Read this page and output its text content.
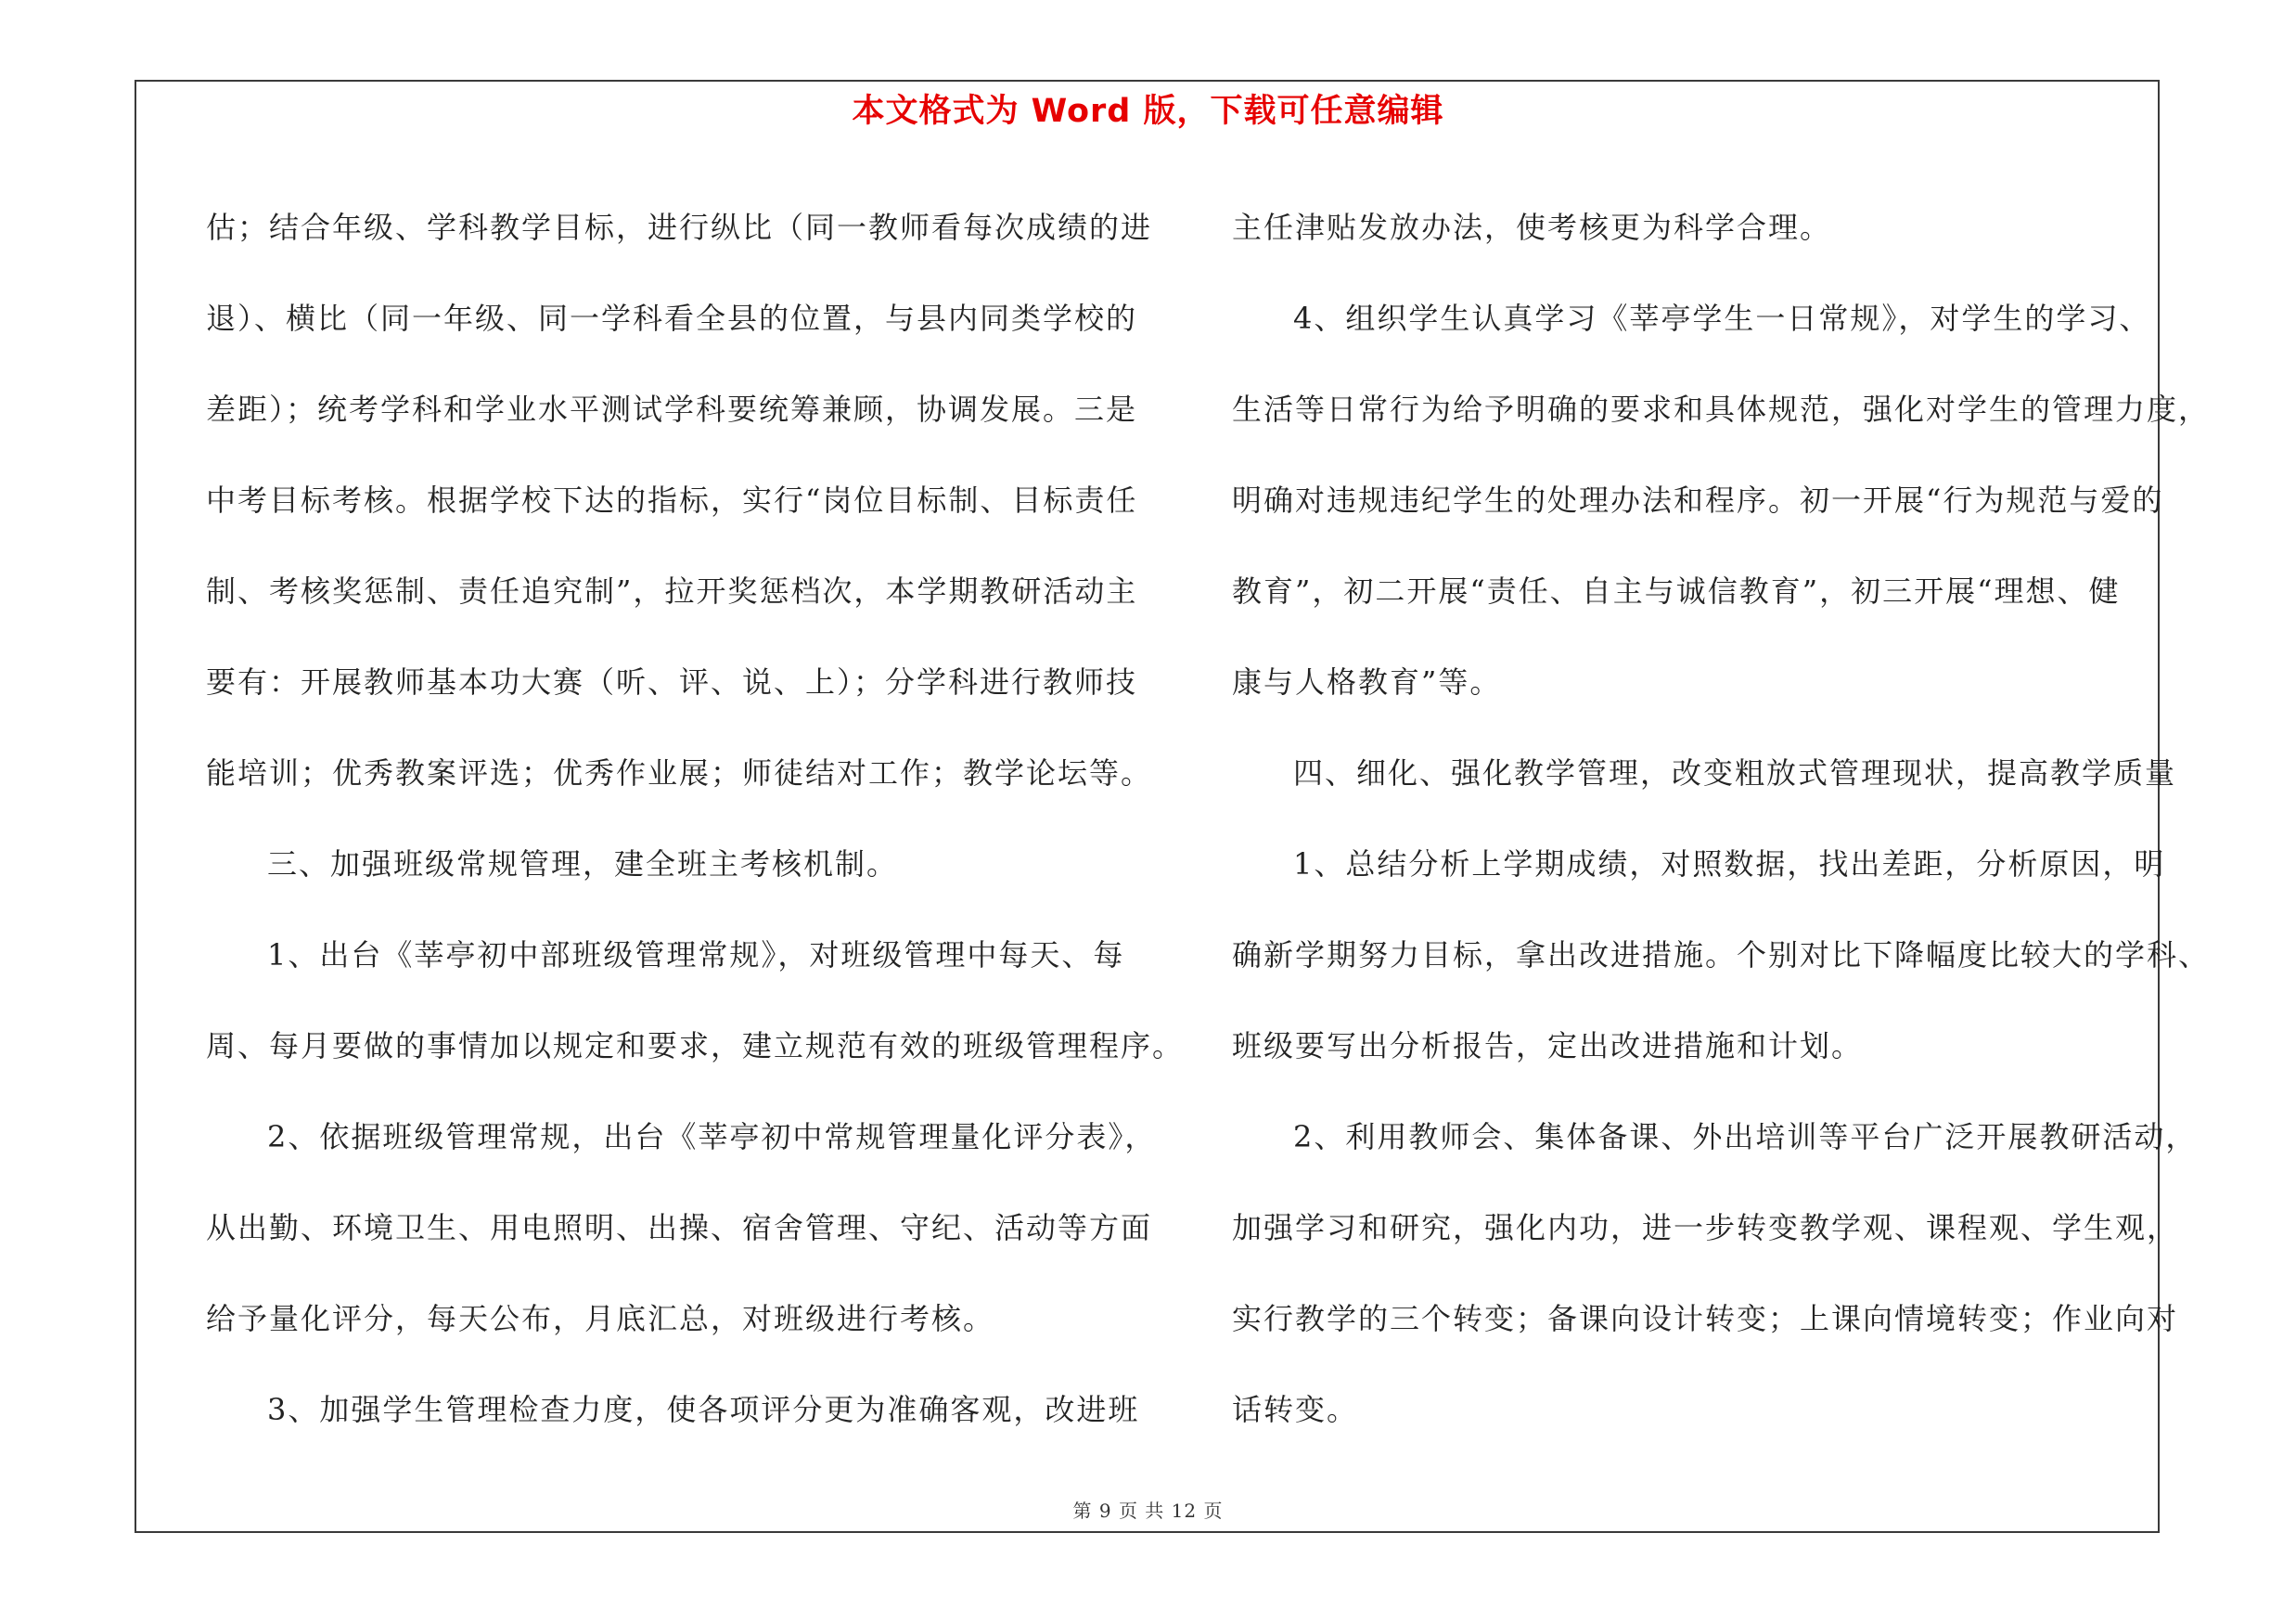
本文格式为 Word 版，下载可任意编辑
估；结合年级、学科教学目标，进行纵比（同一教师看每次成绩的进
退）、横比（同一年级、同一学科看全县的位置，与县内同类学校的
差距）；统考学科和学业水平测试学科要统筹兼顾，协调发展。三是
中考目标考核。根据学校下达的指标，实行“岗位目标制、目标责任
制、考核奖惩制、责任追究制”，拉开奖惩档次，本学期教研活动主
要有：开展教师基本功大赛（听、评、说、上）；分学科进行教师技
能培训；优秀教案评选；优秀作业展；师徒结对工作；教学论坛等。
三、加强班级常规管理，建全班主考核机制。
1、出台《莘亭初中部班级管理常规》，对班级管理中每天、每
周、每月要做的事情加以规定和要求，建立规范有效的班级管理程序。
2、依据班级管理常规，出台《莘亭初中常规管理量化评分表》，
从出勤、环境卫生、用电照明、出操、宿舍管理、守纪、活动等方面
给予量化评分，每天公布，月底汇总，对班级进行考核。
3、加强学生管理检查力度，使各项评分更为准确客观，改进班
主任津贴发放办法，使考核更为科学合理。
4、组织学生认真学习《莘亭学生一日常规》，对学生的学习、
生活等日常行为给予明确的要求和具体规范，强化对学生的管理力度，
明确对违规违纪学生的处理办法和程序。初一开展“行为规范与爱的
教育”，初二开展“责任、自主与诚信教育”，初三开展“理想、健
康与人格教育”等。
四、细化、强化教学管理，改变粗放式管理现状，提高教学质量
1、总结分析上学期成绩，对照数据，找出差距，分析原因，明
确新学期努力目标，拿出改进措施。个别对比下降幅度比较大的学科、
班级要写出分析报告，定出改进措施和计划。
2、利用教师会、集体备课、外出培训等平台广泛开展教研活动，
加强学习和研究，强化内功，进一步转变教学观、课程观、学生观，
实行教学的三个转变；备课向设计转变；上课向情境转变；作业向对
话转变。
第 9 页 共 12 页
